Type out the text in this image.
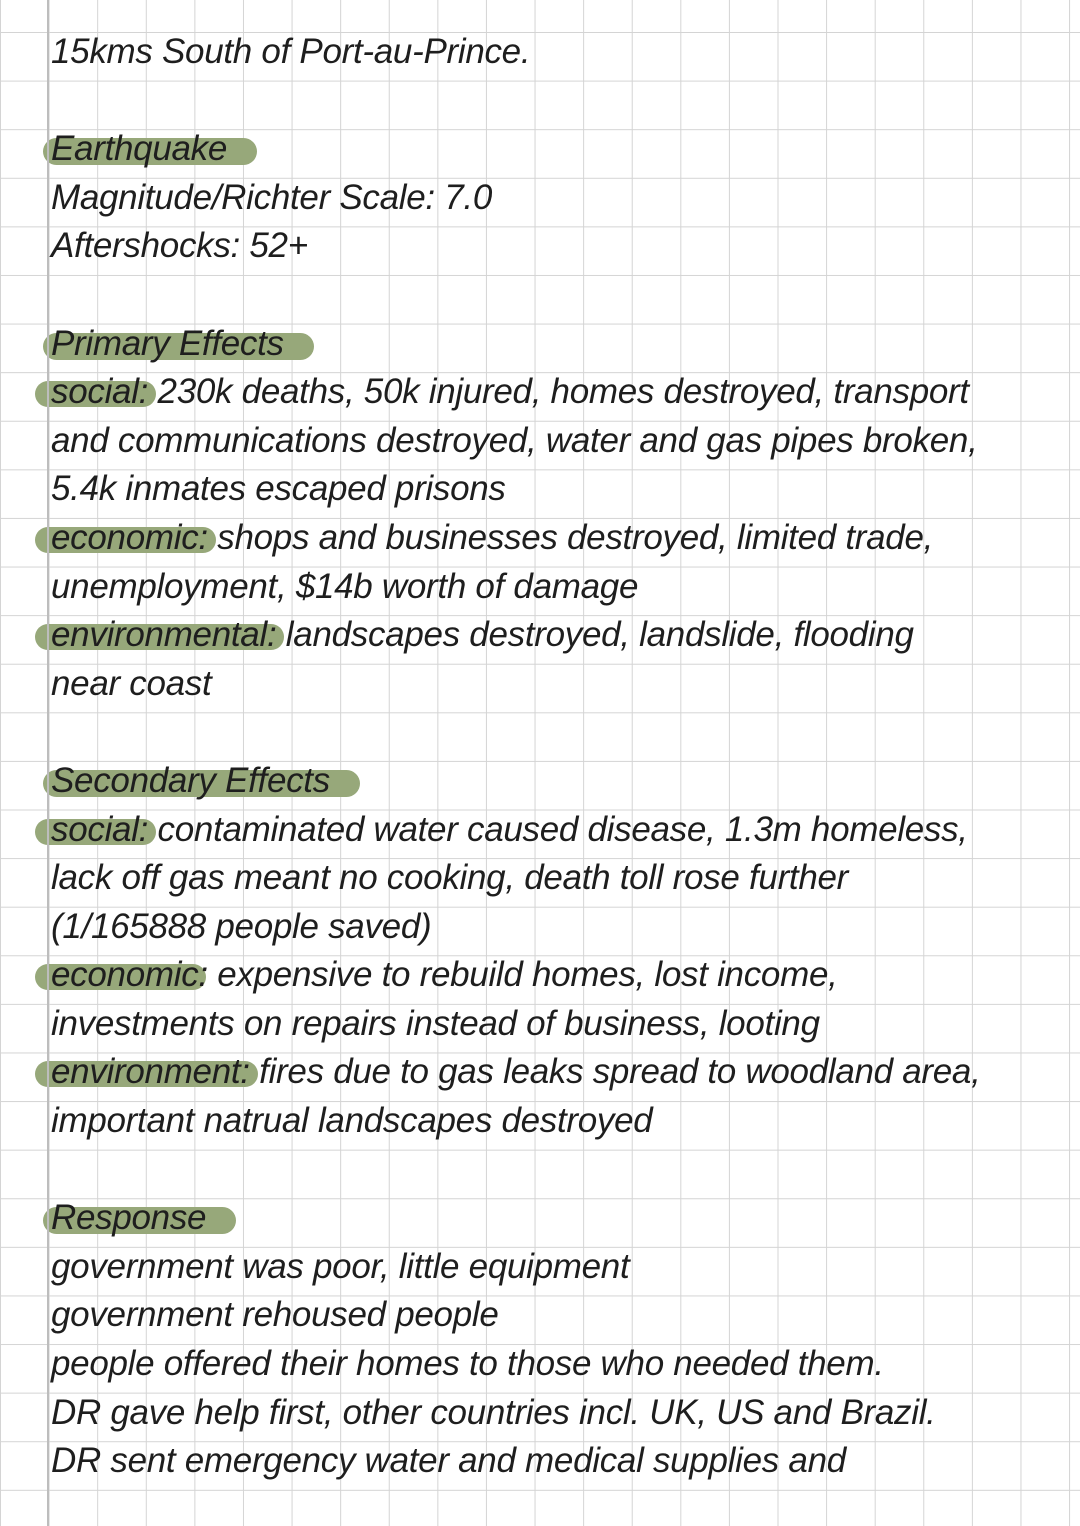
15kms South of Port-au-Prince.
Earthquake
Magnitude/Richter Scale: 7.0
Aftershocks: 52+
Primary Effects
social: 230k deaths, 50k injured, homes destroyed, transport
and communications destroyed, water and gas pipes broken,
5.4k inmates escaped prisons
economic: shops and businesses destroyed, limited trade,
unemployment, $14b worth of damage
environmental: landscapes destroyed, landslide, flooding
near coast
Secondary Effects
social: contaminated water caused disease, 1.3m homeless,
lack off gas meant no cooking, death toll rose further
(1/165888 people saved)
economic: expensive to rebuild homes, lost income,
investments on repairs instead of business, looting
environment: fires due to gas leaks spread to woodland area,
important natrual landscapes destroyed
Response
government was poor, little equipment
government rehoused people
people offered their homes to those who needed them.
DR gave help first, other countries incl. UK, US and Brazil.
DR sent emergency water and medical supplies and
